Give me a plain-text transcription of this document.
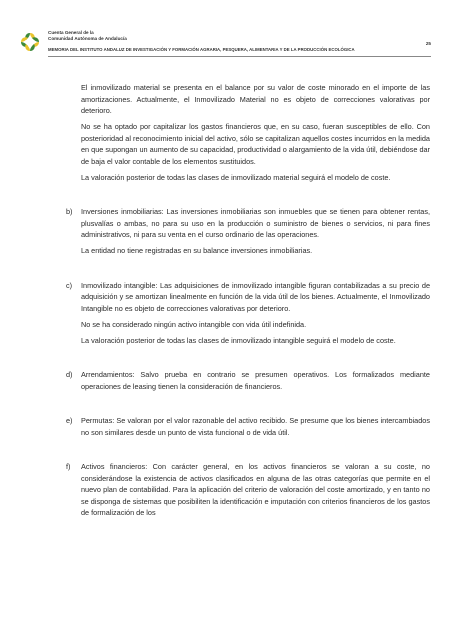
Cuenta General de la
Comunidad Autónoma de Andalucía
MEMORIA DEL INSTITUTO ANDALUZ DE INVESTIGACIÓN Y FORMACIÓN AGRARIA, PESQUERA, ALIMENTARIA Y DE LA PRODUCCIÓN ECOLÓGICA
25

El inmovilizado material se presenta en el balance por su valor de coste minorado en el importe de las amortizaciones. Actualmente, el Inmovilizado Material no es objeto de correcciones valorativas por deterioro.

No se ha optado por capitalizar los gastos financieros que, en su caso, fueran susceptibles de ello. Con posterioridad al reconocimiento inicial del activo, sólo se capitalizan aquellos costes incurridos en la medida en que supongan un aumento de su capacidad, productividad o alargamiento de la vida útil, debiéndose dar de baja el valor contable de los elementos sustituidos.

La valoración posterior de todas las clases de inmovilizado material seguirá el modelo de coste.

b) Inversiones inmobiliarias: Las inversiones inmobiliarias son inmuebles que se tienen para obtener rentas, plusvalías o ambas, no para su uso en la producción o suministro de bienes o servicios, ni para fines administrativos, ni para su venta en el curso ordinario de las operaciones.

La entidad no tiene registradas en su balance inversiones inmobiliarias.

c) Inmovilizado intangible: Las adquisiciones de inmovilizado intangible figuran contabilizadas a su precio de adquisición y se amortizan linealmente en función de la vida útil de los bienes. Actualmente, el Inmovilizado Intangible no es objeto de correcciones valorativas por deterioro.

No se ha considerado ningún activo intangible con vida útil indefinida.

La valoración posterior de todas las clases de inmovilizado intangible seguirá el modelo de coste.

d) Arrendamientos: Salvo prueba en contrario se presumen operativos. Los formalizados mediante operaciones de leasing tienen la consideración de financieros.

e) Permutas: Se valoran por el valor razonable del activo recibido. Se presume que los bienes intercambiados no son similares desde un punto de vista funcional o de vida útil.

f) Activos financieros: Con carácter general, en los activos financieros se valoran a su coste, no considerándose la existencia de activos clasificados en alguna de las otras categorías que permite en el nuevo plan de contabilidad. Para la aplicación del criterio de valoración del coste amortizado, y en tanto no se disponga de sistemas que posibiliten la identificación e imputación con criterios financieros de los gastos de formalización de los
